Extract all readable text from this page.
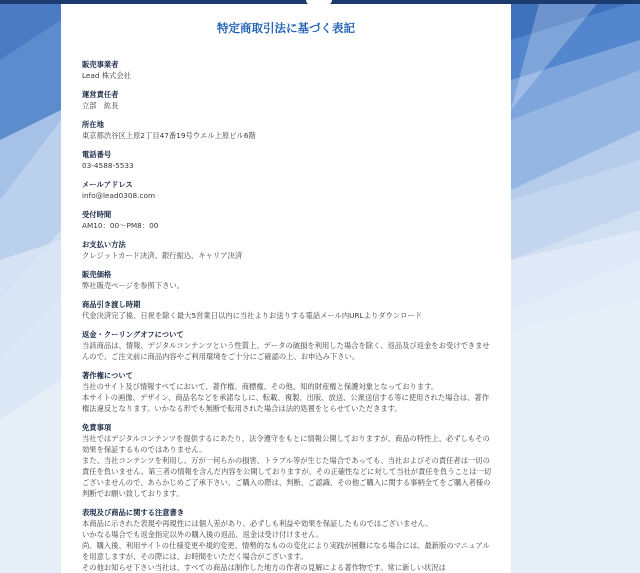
特定商取引法に基づく表記
販売事業者

Lead 株式会社

運営責任者

立部　紘長

所在地

東京都渋谷区上原2丁目47番19号ウエル上原ビル6階

電話番号

03-4588-5533

メールアドレス

info@lead0308.com

受付時間

AM10：00〜PM8：00

お支払い方法

クレジットカード決済、銀行振込、キャリア決済

販売価格

弊社販売ページを参照下さい。

商品引き渡し時期

代金決済完了後、日祝を除く最大5営業日以内に当社よりお送りする電話メール内URLよりダウンロード

返金・クーリングオフについて

当該商品は、情報、デジタルコンテンツという性質上、データの破損を利用した場合を除く、返品及び返金をお受けできませんので、ご注文前に商品内容やご利用環境をご十分にご確認の上、お申込み下さい。

著作権について

当社のサイト及び情報すべてにおいて、著作権、商標権、その他、知的財産権と保護対象となっております。

本サイトの画像、デザイン、商品名などを承諾なしに、転載、複製、出版、放送、公衆送信する等に使用された場合は、著作権法違反となります。いかなる形でも無断で転用された場合は法的処置をとらせていただきます。

免責事項

当社ではデジタルコンテンツを提供するにあたり、法令遵守をもとに情報公開しておりますが、商品の特性上、必ずしもその効果を保証するものではありません。

また、当社コンテンツを利用し、万が一何らかの損害、トラブル等が生じた場合であっても、当社およびその責任者は一切の責任を負いません。第三者の情報を含んだ内容を公開しておりますが、その正確性などに対して当社が責任を負うことは一切ございませんので、あらかじめご了承下さい。ご購入の際は、判断、ご認識、その他ご購入に関する事柄全てをご購入者様の判断でお願い致しております。

表現及び商品に関する注意書き

本商品に示された表現や再現性には個人差があり、必ずしも利益や効果を保証したものではございません。

いかなる場合でも返金指定以外の購入後の返品、返金は受け付けません。

尚、購入後、利用サイトの仕様変更や規約変更、情勢的なものの変化により実践が困難になる場合には、最新版のマニュアルを用意しますが、その際には、お時間をいただく場合がございます。

その他お知らせ下さい当社は、すべての商品は制作した地方の作者の見解による著作物です。常に新しい状況は
